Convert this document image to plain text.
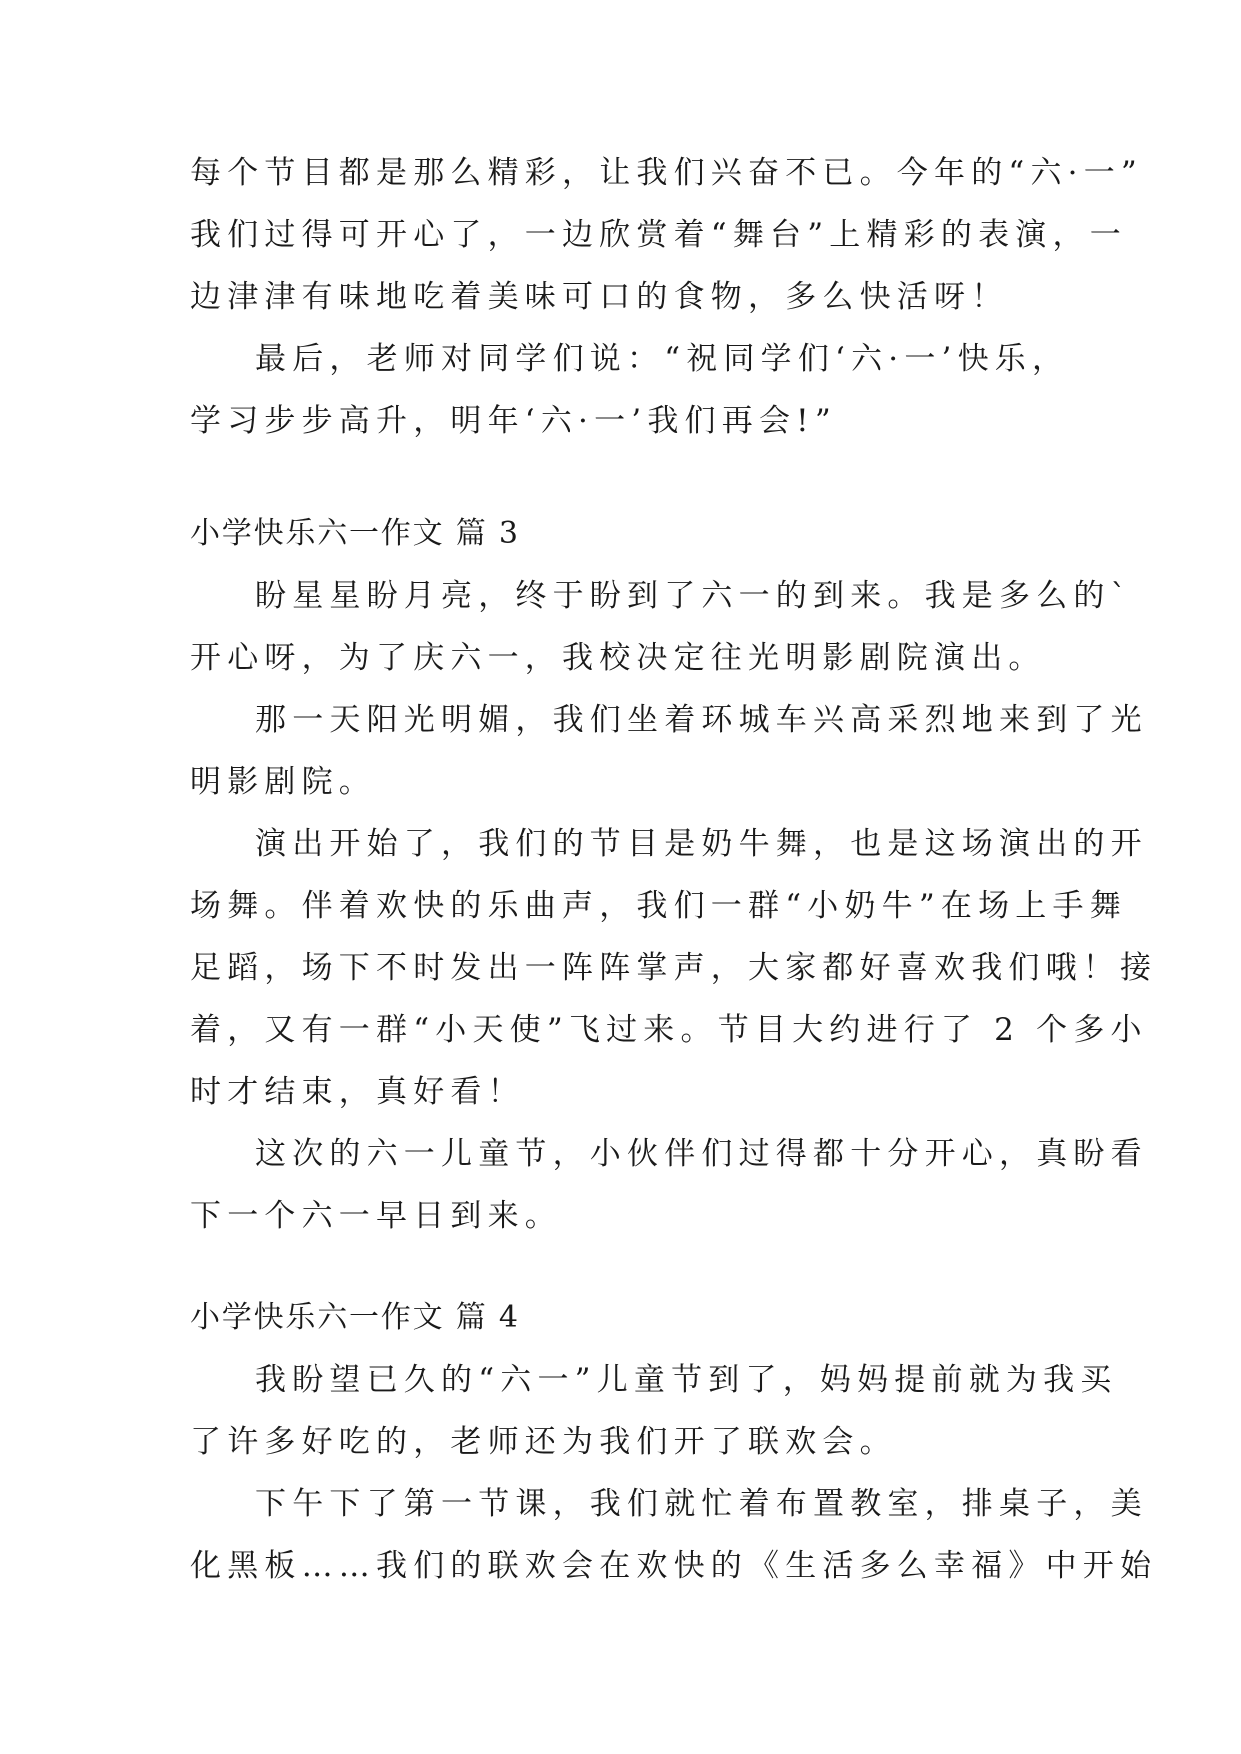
每个节目都是那么精彩，让我们兴奋不已。今年的“六·一”
我们过得可开心了，一边欣赏着“舞台”上精彩的表演，一
边津津有味地吃着美味可口的食物，多么快活呀！
最后，老师对同学们说：“祝同学们‘六·一’快乐，
学习步步高升，明年‘六·一’我们再会!”
小学快乐六一作文 篇 3
盼星星盼月亮，终于盼到了六一的到来。我是多么的`
开心呀，为了庆六一，我校决定往光明影剧院演出。
那一天阳光明媚，我们坐着环城车兴高采烈地来到了光
明影剧院。
演出开始了，我们的节目是奶牛舞，也是这场演出的开
场舞。伴着欢快的乐曲声，我们一群“小奶牛”在场上手舞
足蹈，场下不时发出一阵阵掌声，大家都好喜欢我们哦！接
着，又有一群“小天使”飞过来。节目大约进行了 2 个多小
时才结束，真好看！
这次的六一儿童节，小伙伴们过得都十分开心，真盼看
下一个六一早日到来。
小学快乐六一作文 篇 4
我盼望已久的“六一”儿童节到了，妈妈提前就为我买
了许多好吃的，老师还为我们开了联欢会。
下午下了第一节课，我们就忙着布置教室，排桌子，美
化黑板……我们的联欢会在欢快的《生活多么幸福》中开始
